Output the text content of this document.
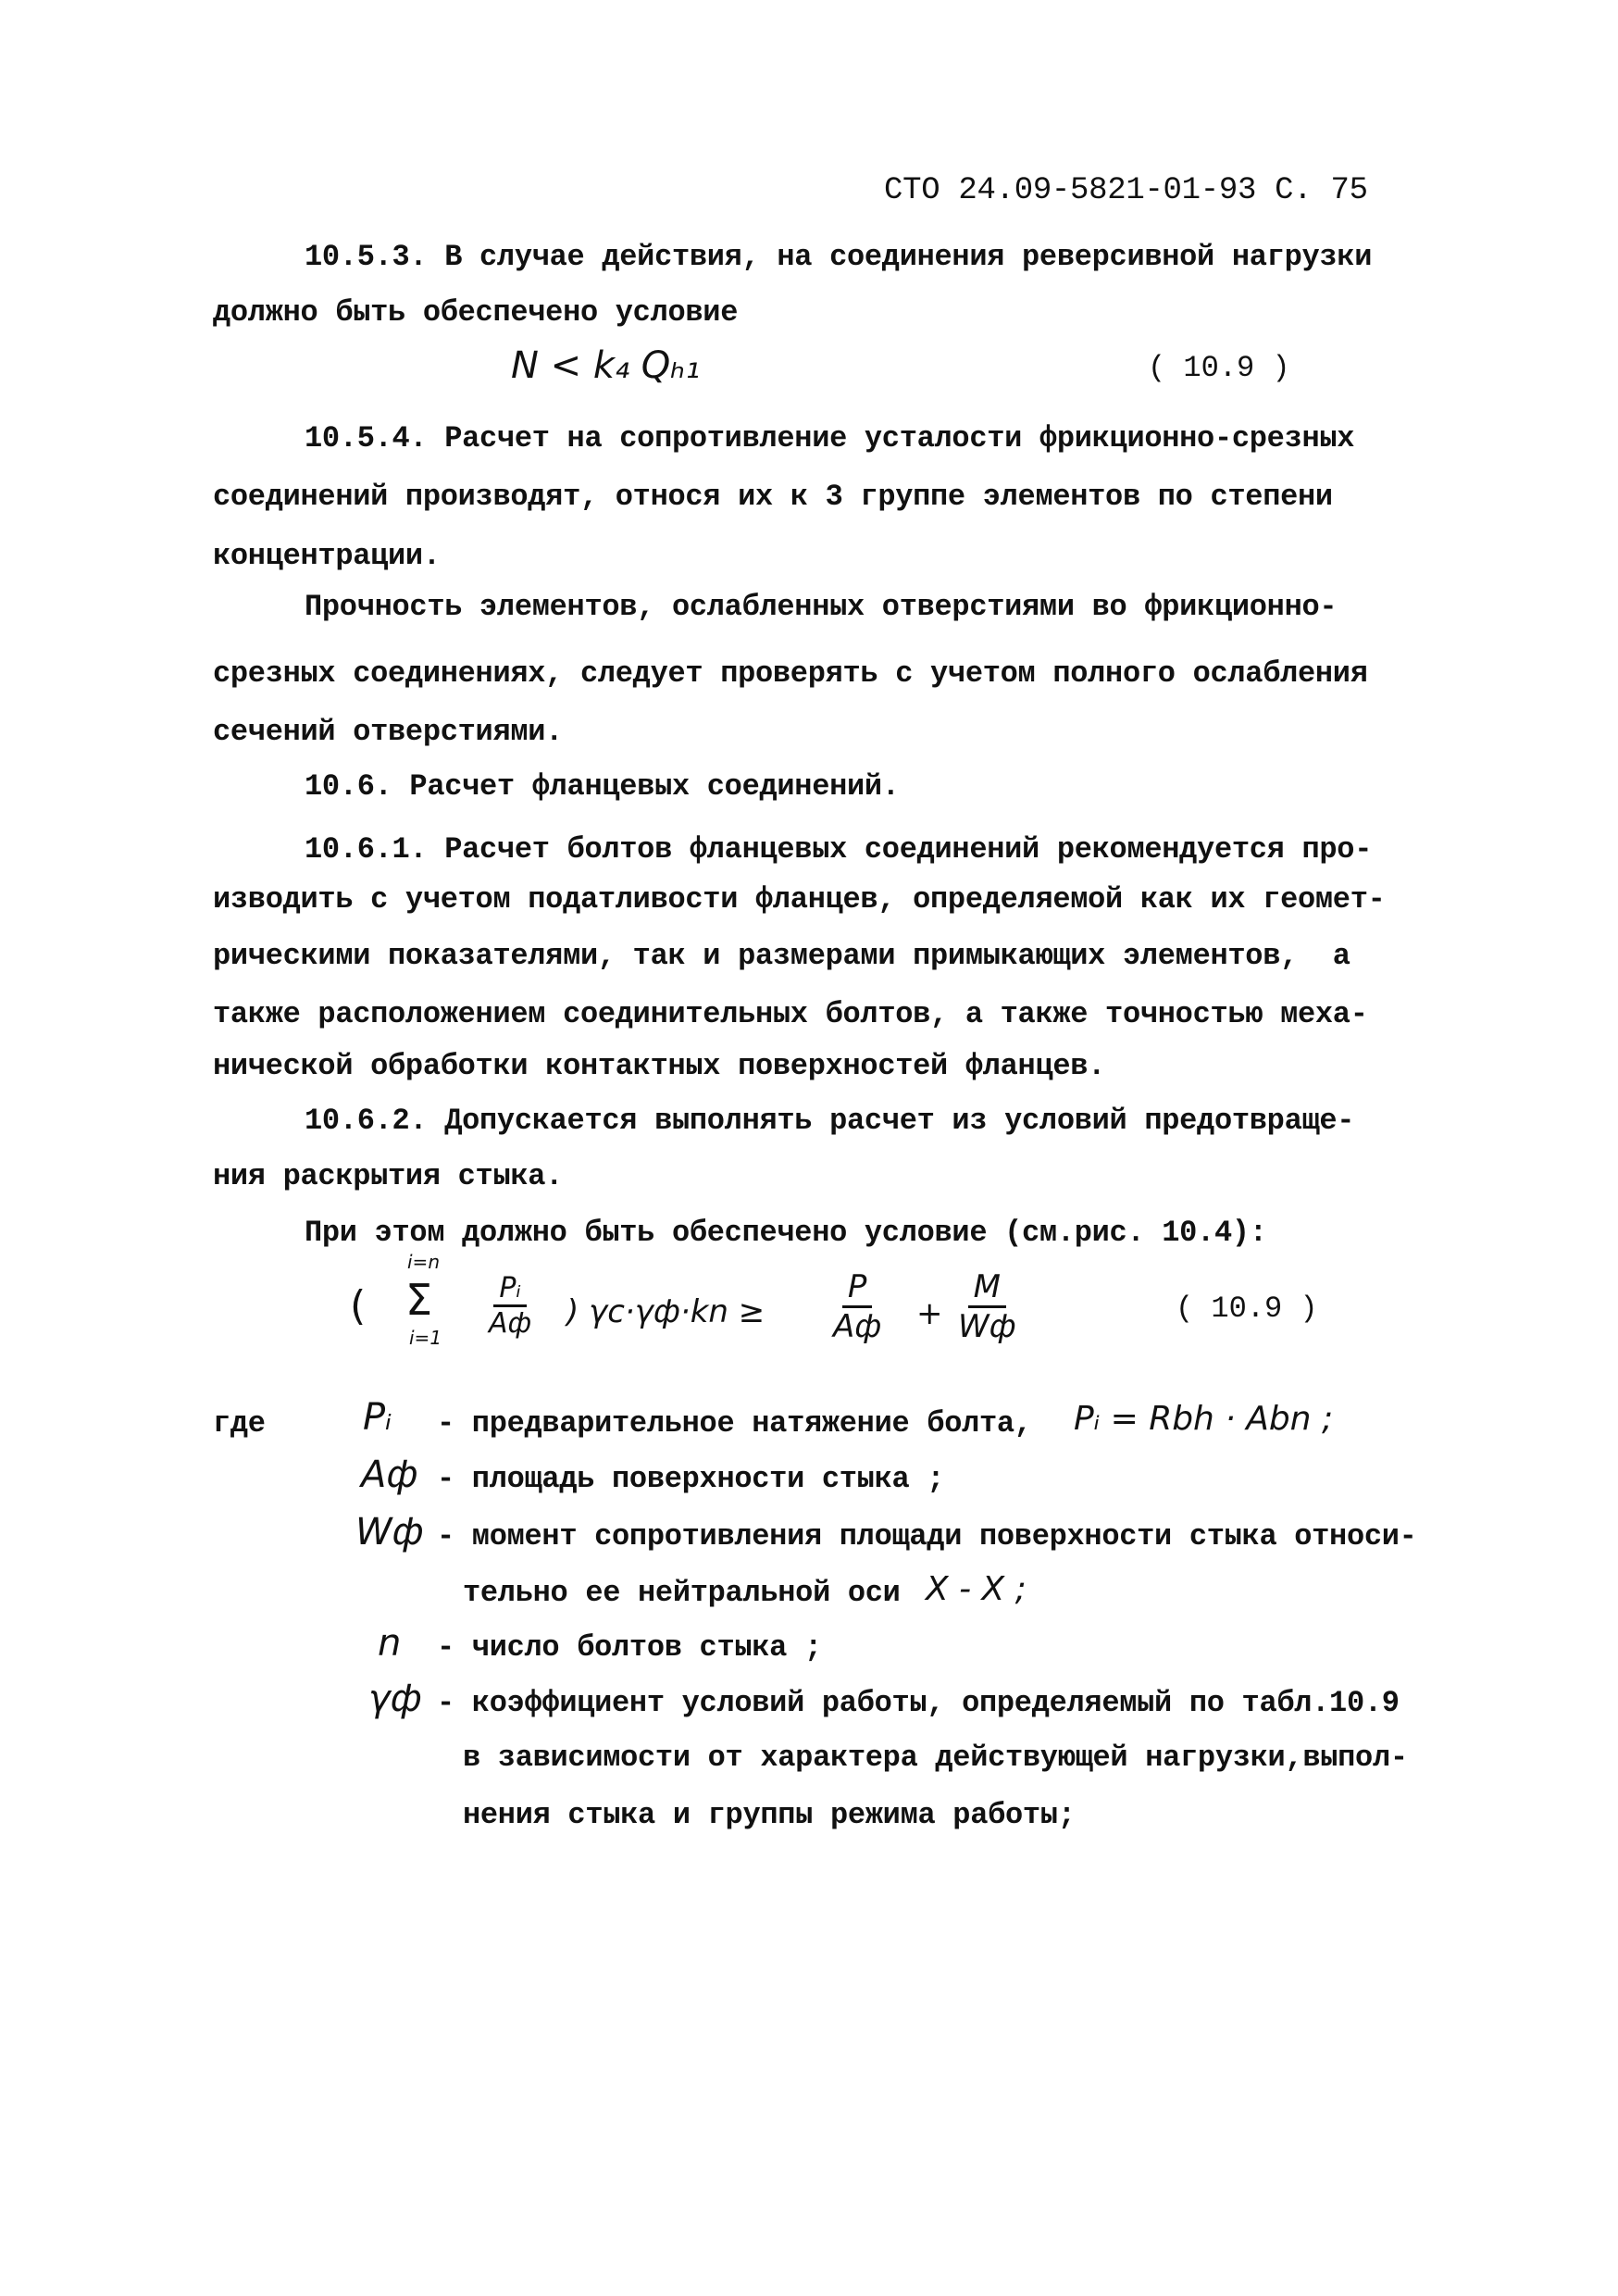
СТО 24.09-5821-01-93 С. 75
10.5.3. В случае действия, на соединения реверсивной нагрузки
должно быть обеспечено условие
N < k₄ Qₕ₁	( 10.9 )
10.5.4. Расчет на сопротивление усталости фрикционно-срезных
соединений производят, относя их к 3 группе элементов по степени
концентрации.
Прочность элементов, ослабленных отверстиями во фрикционно-
срезных соединениях, следует проверять с учетом полного ослабления
сечений отверстиями.
10.6. Расчет фланцевых соединений.
10.6.1. Расчет болтов фланцевых соединений рекомендуется про-
изводить с учетом податливости фланцев, определяемой как их геомет-
рическими показателями, так и размерами примыкающих элементов,  а
также расположением соединительных болтов, а также точностью меха-
нической обработки контактных поверхностей фланцев.
10.6.2. Допускается выполнять расчет из условий предотвраще-
ния раскрытия стыка.
При этом должно быть обеспечено условие (см.рис. 10.4):
(
i=n
Σ
i=1
Pᵢ
Aф ) γc·γф·kn ≥
P
Aф +
M
Wф	( 10.9 )
где	Pᵢ - предварительное натяжение болта, Pᵢ = Rbh · Abn ;
Aф - площадь поверхности стыка ;
Wф - момент сопротивления площади поверхности стыка относи-
тельно ее нейтральной оси X - X ;
n - число болтов стыка ;
γф - коэффициент условий работы, определяемый по табл.10.9
в зависимости от характера действующей нагрузки,выпол-
нения стыка и группы режима работы;
